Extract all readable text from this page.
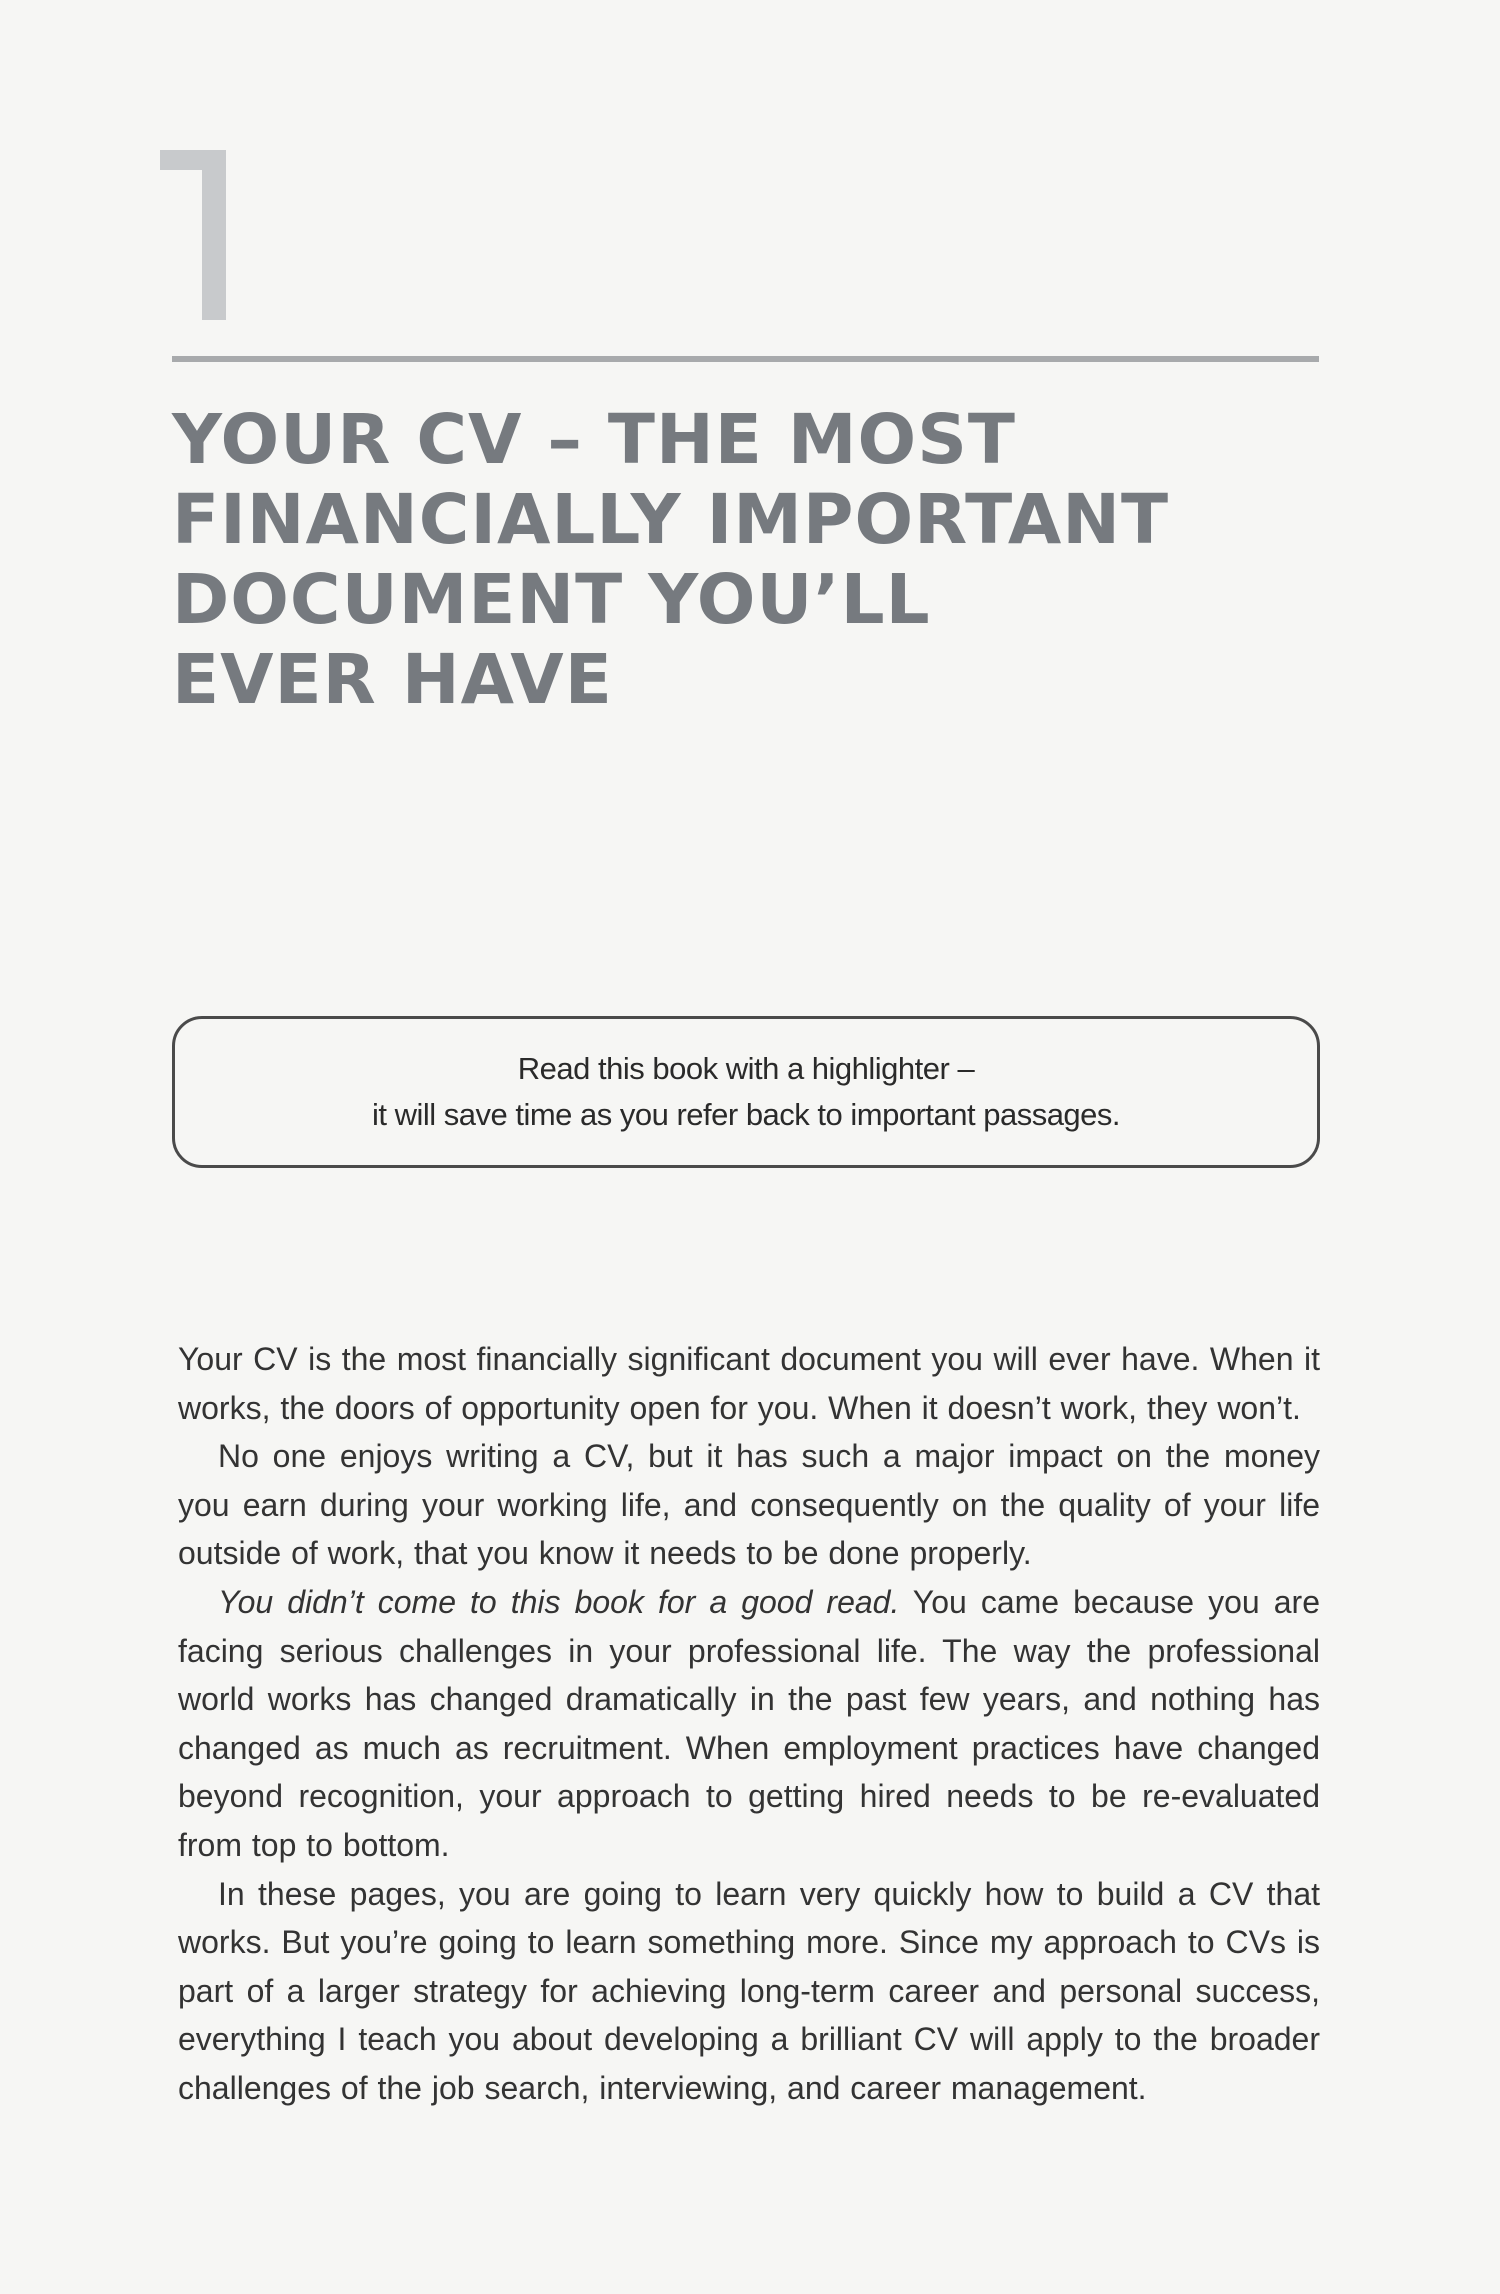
YOUR CV – THE MOST
FINANCIALLY IMPORTANT
DOCUMENT YOU’LL
EVER HAVE
Read this book with a highlighter –
it will save time as you refer back to important passages.

Your CV is the most financially significant document you will ever have. When it works, the doors of opportunity open for you. When it doesn’t work, they won’t.

No one enjoys writing a CV, but it has such a major impact on the money you earn during your working life, and consequently on the quality of your life outside of work, that you know it needs to be done properly.

You didn’t come to this book for a good read. You came because you are facing serious challenges in your professional life. The way the professional world works has changed dramatically in the past few years, and nothing has changed as much as recruitment. When employment practices have changed beyond recognition, your approach to getting hired needs to be re-evaluated from top to bottom.

In these pages, you are going to learn very quickly how to build a CV that works. But you’re going to learn something more. Since my approach to CVs is part of a larger strategy for achieving long-term career and personal success, everything I teach you about developing a brilliant CV will apply to the broader challenges of the job search, interviewing, and career management.
